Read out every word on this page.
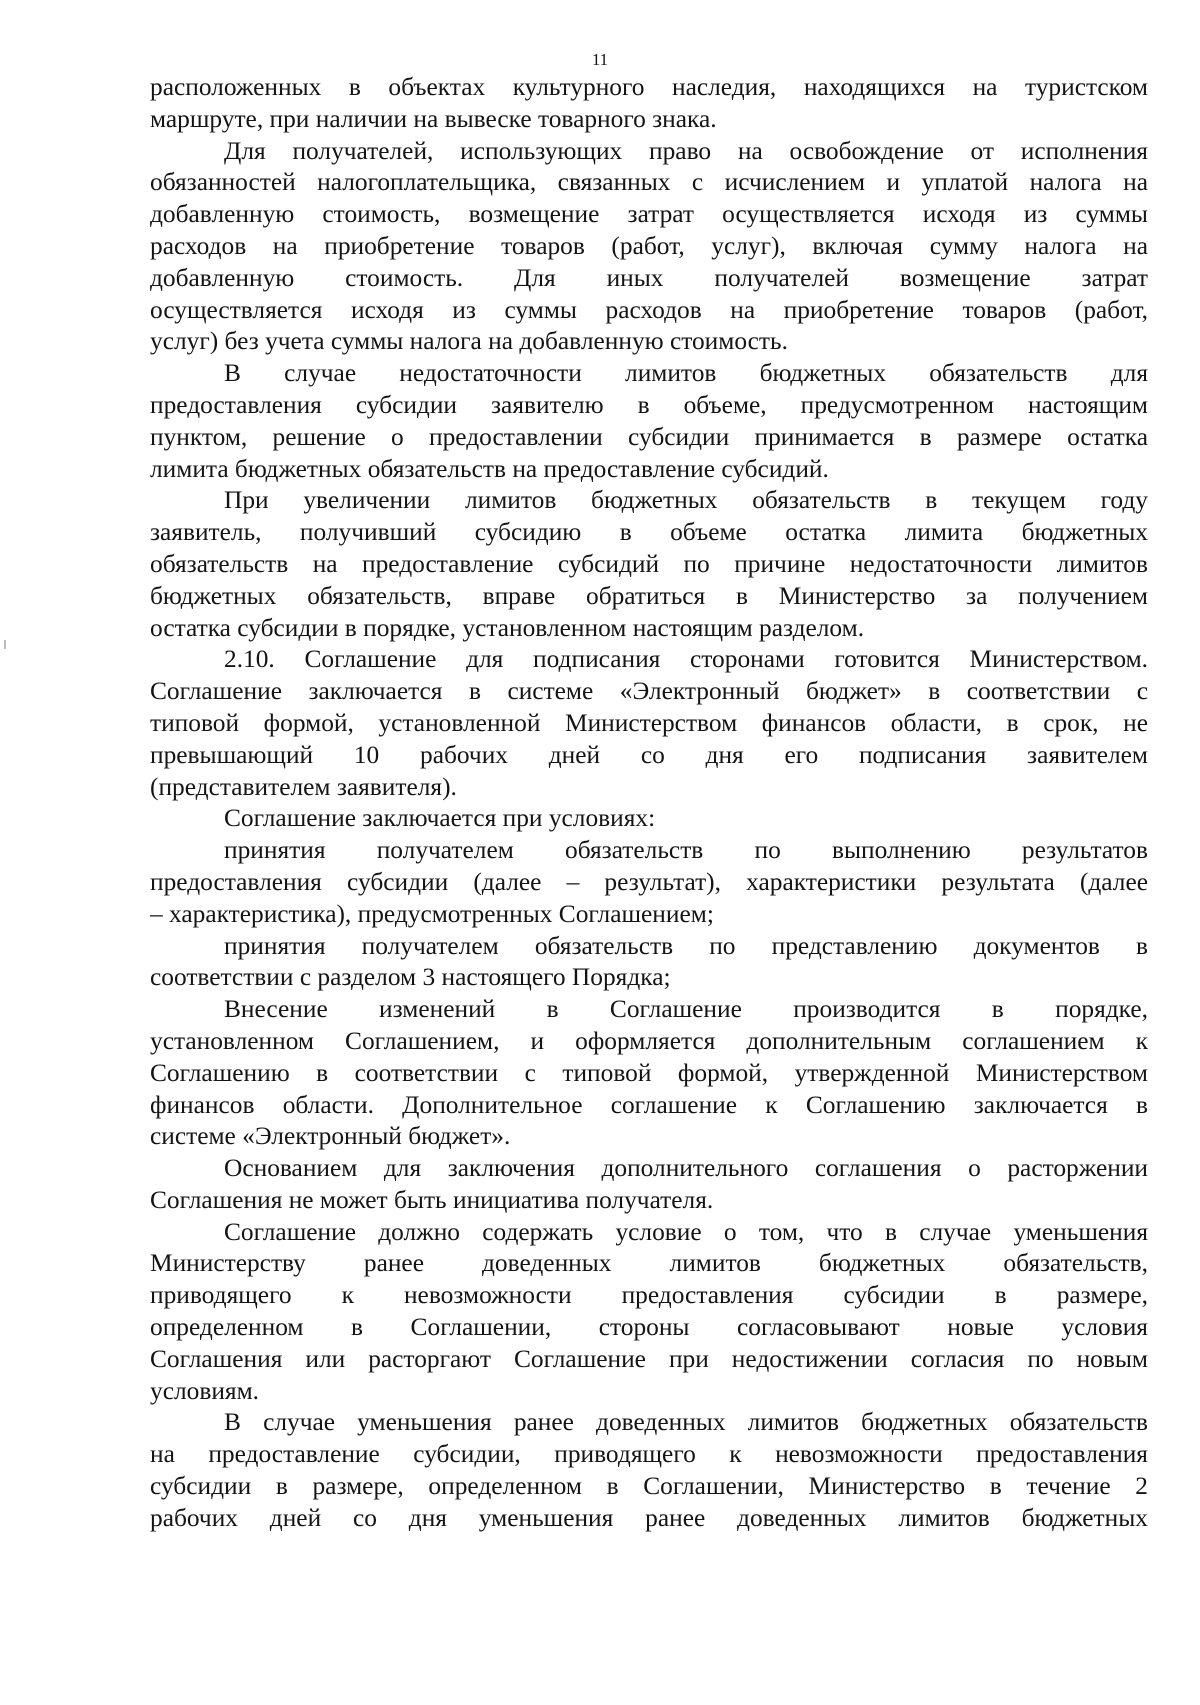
11
расположенных в объектах культурного наследия, находящихся на туристском
маршруте, при наличии на вывеске товарного знака.
Для получателей, использующих право на освобождение от исполнения
обязанностей налогоплательщика, связанных с исчислением и уплатой налога на
добавленную стоимость, возмещение затрат осуществляется исходя из суммы
расходов на приобретение товаров (работ, услуг), включая сумму налога на
добавленную стоимость. Для иных получателей возмещение затрат
осуществляется исходя из суммы расходов на приобретение товаров (работ,
услуг) без учета суммы налога на добавленную стоимость.
В случае недостаточности лимитов бюджетных обязательств для
предоставления субсидии заявителю в объеме, предусмотренном настоящим
пунктом, решение о предоставлении субсидии принимается в размере остатка
лимита бюджетных обязательств на предоставление субсидий.
При увеличении лимитов бюджетных обязательств в текущем году
заявитель, получивший субсидию в объеме остатка лимита бюджетных
обязательств на предоставление субсидий по причине недостаточности лимитов
бюджетных обязательств, вправе обратиться в Министерство за получением
остатка субсидии в порядке, установленном настоящим разделом.
2.10. Соглашение для подписания сторонами готовится Министерством.
Соглашение заключается в системе «Электронный бюджет» в соответствии с
типовой формой, установленной Министерством финансов области, в срок, не
превышающий 10 рабочих дней со дня его подписания заявителем
(представителем заявителя).
Соглашение заключается при условиях:
принятия получателем обязательств по выполнению результатов
предоставления субсидии (далее – результат), характеристики результата (далее
– характеристика), предусмотренных Соглашением;
принятия получателем обязательств по представлению документов в
соответствии с разделом 3 настоящего Порядка;
Внесение изменений в Соглашение производится в порядке,
установленном Соглашением, и оформляется дополнительным соглашением к
Соглашению в соответствии с типовой формой, утвержденной Министерством
финансов области. Дополнительное соглашение к Соглашению заключается в
системе «Электронный бюджет».
Основанием для заключения дополнительного соглашения о расторжении
Соглашения не может быть инициатива получателя.
Соглашение должно содержать условие о том, что в случае уменьшения
Министерству ранее доведенных лимитов бюджетных обязательств,
приводящего к невозможности предоставления субсидии в размере,
определенном в Соглашении, стороны согласовывают новые условия
Соглашения или расторгают Соглашение при недостижении согласия по новым
условиям.
В случае уменьшения ранее доведенных лимитов бюджетных обязательств
на предоставление субсидии, приводящего к невозможности предоставления
субсидии в размере, определенном в Соглашении, Министерство в течение 2
рабочих дней со дня уменьшения ранее доведенных лимитов бюджетных
